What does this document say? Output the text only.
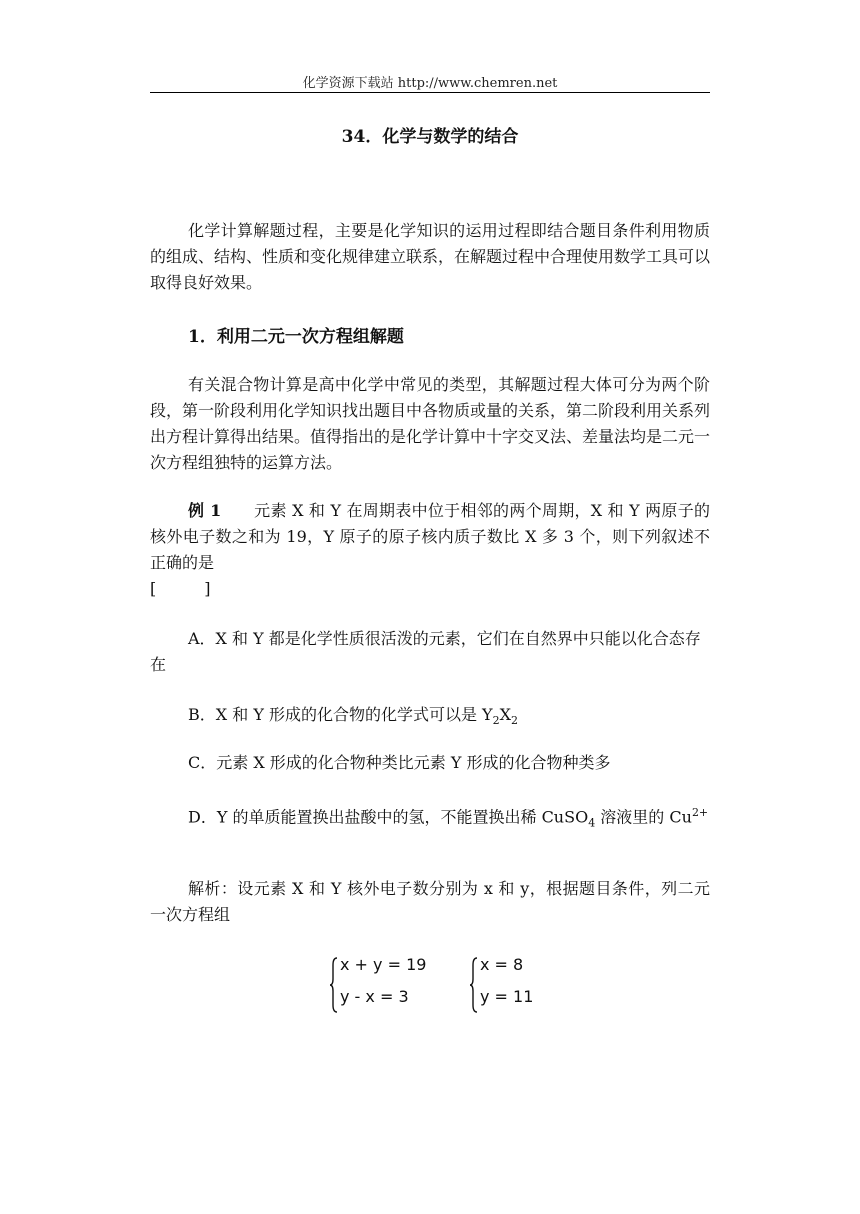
化学资源下载站 http://www.chemren.net
34．化学与数学的结合
化学计算解题过程，主要是化学知识的运用过程即结合题目条件利用物质的组成、结构、性质和变化规律建立联系，在解题过程中合理使用数学工具可以取得良好效果。
1．利用二元一次方程组解题
有关混合物计算是高中化学中常见的类型，其解题过程大体可分为两个阶段，第一阶段利用化学知识找出题目中各物质或量的关系，第二阶段利用关系列出方程计算得出结果。值得指出的是化学计算中十字交叉法、差量法均是二元一次方程组独特的运算方法。
例 1　　 元素 X 和 Y 在周期表中位于相邻的两个周期，X 和 Y 两原子的核外电子数之和为 19，Y 原子的原子核内质子数比 X 多 3 个，则下列叙述不正确的是
[　　　]
A．X 和 Y 都是化学性质很活泼的元素，它们在自然界中只能以化合态存在
B．X 和 Y 形成的化合物的化学式可以是 $Y_2X_2$
C．元素 X 形成的化合物种类比元素 Y 形成的化合物种类多
D．Y 的单质能置换出盐酸中的氢，不能置换出稀 CuSO$_4$ 溶液里的 $Cu^{2+}$
解析：设元素 X 和 Y 核外电子数分别为 x 和 y，根据题目条件，列二元一次方程组
x + y = 19
y - x = 3
x = 8
y = 11
